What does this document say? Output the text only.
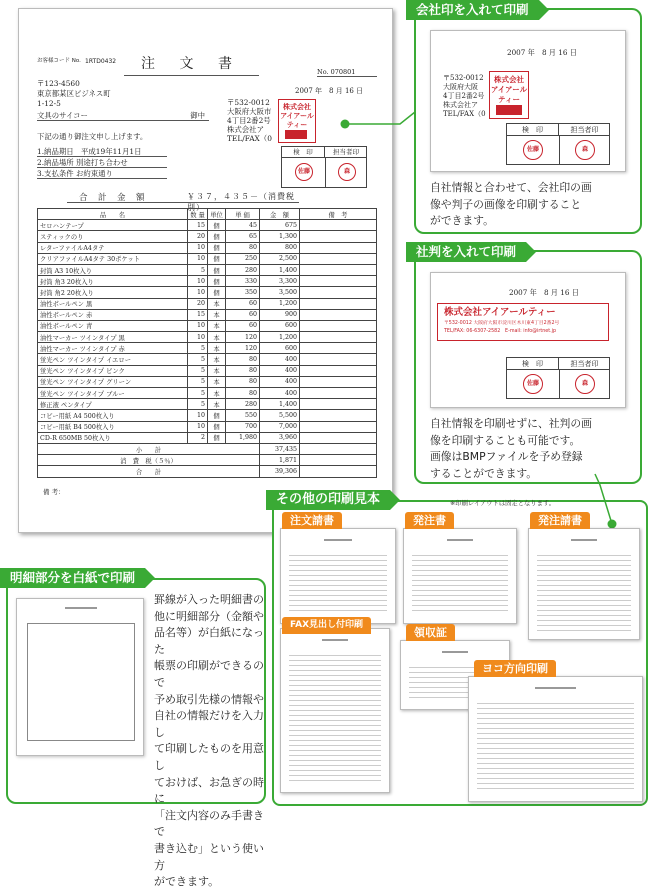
お客様コード No. 1RTD0432	注 文 書	No. 070801
2007 年　8 月 16 日
〒123-4560
東京都某区ビジネス町
1-12-5
文具のサイコー	御中
〒532-0012
大阪府大阪市
4丁目2番2号
株式会社ア
TEL/FAX（0
株式会社
アイアール
ティー
下記の通り御注文申し上げます。
1.納品期日　平成19年11月1日
2.納品場所 別途打ち合わせ
3.支払条件 お約束通り
検　印	担当者印
佐藤	森
合　計　金　額	￥３７，４３５－（消費税別）
品　　名	数 量	単位	単 価	金　額	備　考
セロハンテープ	15	個	45	675	
スティックのり	20	個	65	1,300	
レターファイルA4タテ	10	個	80	800	
クリアファイルA4タテ 30ポケット	10	個	250	2,500	
封筒 A3 10枚入り	5	個	280	1,400	
封筒 角3 20枚入り	10	個	330	3,300	
封筒 角2 20枚入り	10	個	350	3,500	
油性ボールペン 黒	20	本	60	1,200	
油性ボールペン 赤	15	本	60	900	
油性ボールペン 青	10	本	60	600	
油性マーカー ツインタイプ 黒	10	本	120	1,200	
油性マーカー ツインタイプ 赤	5	本	120	600	
蛍光ペン ツインタイプ イエロー	5	本	80	400	
蛍光ペン ツインタイプ ピンク	5	本	80	400	
蛍光ペン ツインタイプ グリーン	5	本	80	400	
蛍光ペン ツインタイプ ブルー	5	本	80	400	
修正液 ペンタイプ	5	本	280	1,400	
コピー用紙 A4 500枚入り	10	個	550	5,500	
コピー用紙 B4 500枚入り	10	個	700	7,000	
CD-R 650MB 50枚入り	2	個	1,980	3,960	
小　　計				37,435	
消　費　税（５％）				1,871	
合　　計				39,306	
備 考：
2007 年　8 月 16 日
〒532-0012
大阪府大阪
4丁目2番2号
株式会社ア
TEL/FAX（0
株式会社
アイアール
ティー
検　印	担当者印
佐藤	森
自社情報と合わせて、会社印の画
像や判子の画像を印刷すること
ができます。
会社印を入れて印刷
2007 年　8 月 16 日
株式会社アイアールティー
〒532-0012 大阪府大阪市淀川区木川東4丁目2番2号
TEL/FAX: 06-6307-2582　E-mail: info@irtnet.jp
検　印	担当者印
佐藤	森
自社情報を印刷せずに、社判の画
像を印刷することも可能です。
画像はBMPファイルを予め登録
することができます。
社判を入れて印刷
その他の印刷見本	※印刷レイアウトは固定となります。
注文請書	発注書	発注請書
FAX見出し付印刷
領収証
ヨコ方向印刷
罫線が入った明細書の
他に明細部分（金額や
品名等）が白紙になった
帳票の印刷ができるので
予め取引先様の情報や
自社の情報だけを入力し
て印刷したものを用意し
ておけば、お急ぎの時に
「注文内容のみ手書きで
書き込む」という使い方
ができます。
明細部分を白紙で印刷
